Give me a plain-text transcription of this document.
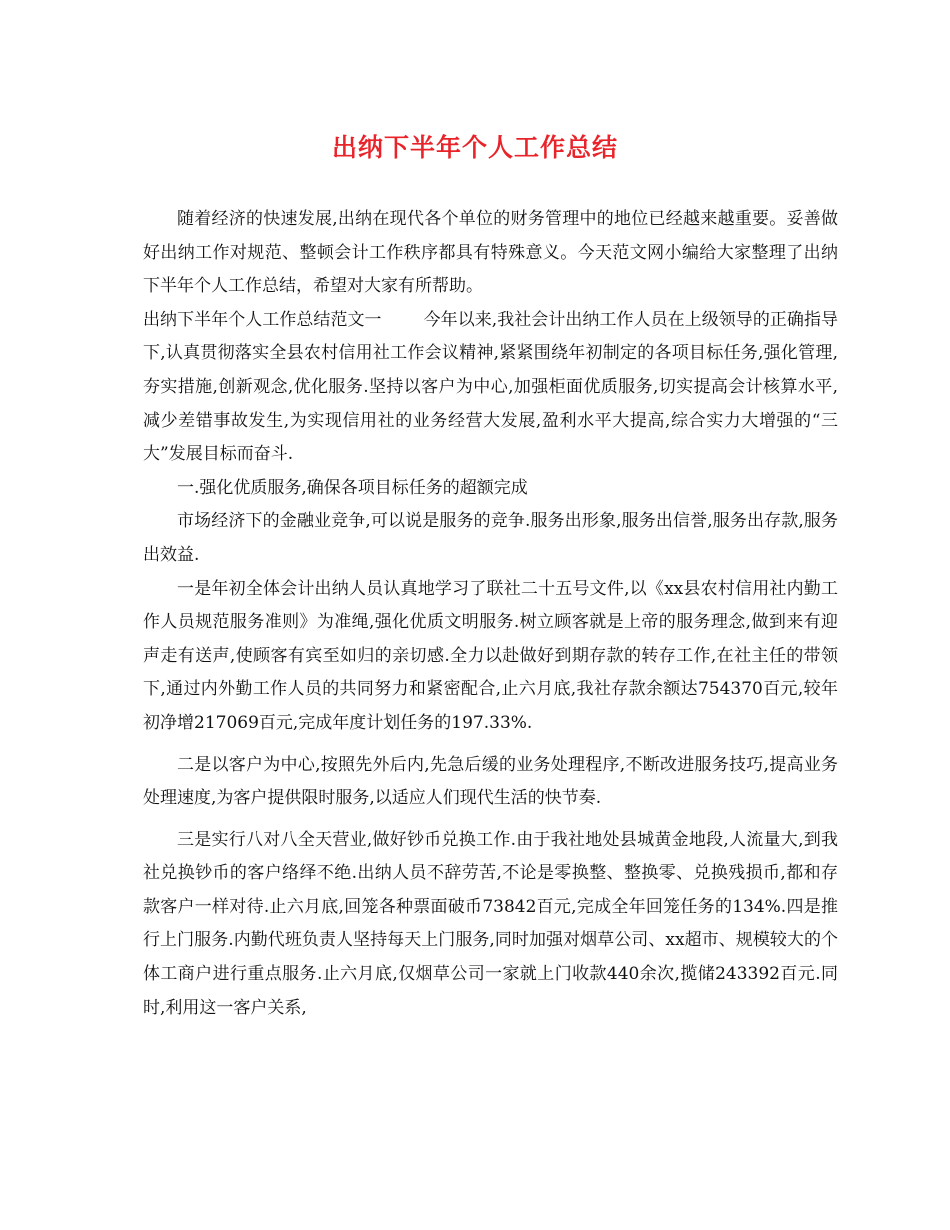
出纳下半年个人工作总结

随着经济的快速发展,出纳在现代各个单位的财务管理中的地位已经越来越重要。妥善做好出纳工作对规范、整顿会计工作秩序都具有特殊意义。今天范文网小编给大家整理了出纳下半年个人工作总结，希望对大家有所帮助。

出纳下半年个人工作总结范文一 今年以来,我社会计出纳工作人员在上级领导的正确指导下,认真贯彻落实全县农村信用社工作会议精神,紧紧围绕年初制定的各项目标任务,强化管理,夯实措施,创新观念,优化服务.坚持以客户为中心,加强柜面优质服务,切实提高会计核算水平,减少差错事故发生,为实现信用社的业务经营大发展,盈利水平大提高,综合实力大增强的“三大”发展目标而奋斗.

一.强化优质服务,确保各项目标任务的超额完成

市场经济下的金融业竞争,可以说是服务的竞争.服务出形象,服务出信誉,服务出存款,服务出效益.

一是年初全体会计出纳人员认真地学习了联社二十五号文件,以《xx县农村信用社内勤工作人员规范服务准则》为准绳,强化优质文明服务.树立顾客就是上帝的服务理念,做到来有迎声走有送声,使顾客有宾至如归的亲切感.全力以赴做好到期存款的转存工作,在社主任的带领下,通过内外勤工作人员的共同努力和紧密配合,止六月底,我社存款余额达754370百元,较年初净增217069百元,完成年度计划任务的197.33%.

二是以客户为中心,按照先外后内,先急后缓的业务处理程序,不断改进服务技巧,提高业务处理速度,为客户提供限时服务,以适应人们现代生活的快节奏.

三是实行八对八全天营业,做好钞币兑换工作.由于我社地处县城黄金地段,人流量大,到我社兑换钞币的客户络绎不绝.出纳人员不辞劳苦,不论是零换整、整换零、兑换残损币,都和存款客户一样对待.止六月底,回笼各种票面破币73842百元,完成全年回笼任务的134%.四是推行上门服务.内勤代班负责人坚持每天上门服务,同时加强对烟草公司、xx超市、规模较大的个体工商户进行重点服务.止六月底,仅烟草公司一家就上门收款440余次,揽储243392百元.同时,利用这一客户关系,
